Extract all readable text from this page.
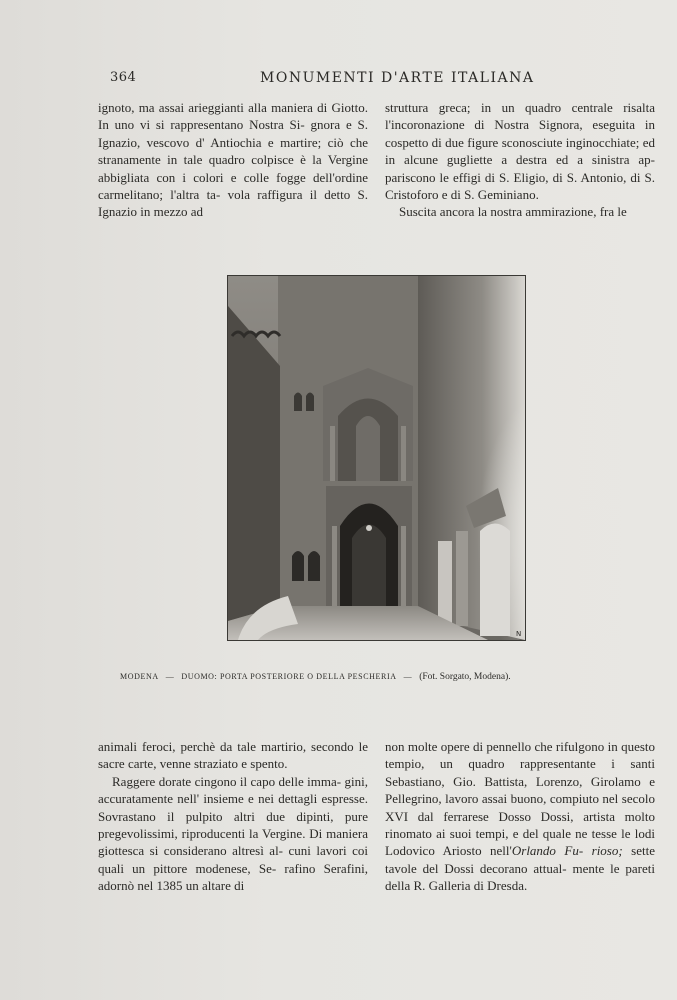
364	MONUMENTI D'ARTE ITALIANA

ignoto, ma assai arieggianti alla maniera di Giotto. In uno vi si rappresentano Nostra Si- gnora e S. Ignazio, vescovo d' Antiochia e martire; ciò che stranamente in tale quadro colpisce è la Vergine abbigliata con i colori e colle fogge dell'ordine carmelitano; l'altra ta- vola raffigura il detto S. Ignazio in mezzo ad

struttura greca; in un quadro centrale risalta l'incoronazione di Nostra Signora, eseguita in cospetto di due figure sconosciute inginocchiate; ed in alcune gugliette a destra ed a sinistra ap- pariscono le effigi di S. Eligio, di S. Antonio, di S. Cristoforo e di S. Geminiano.

Suscita ancora la nostra ammirazione, fra le

N
MODENA — DUOMO: PORTA POSTERIORE O DELLA PESCHERIA — (Fot. Sorgato, Modena).

animali feroci, perchè da tale martirio, secondo le sacre carte, venne straziato e spento.

Raggere dorate cingono il capo delle imma- gini, accuratamente nell' insieme e nei dettagli espresse. Sovrastano il pulpito altri due dipinti, pure pregevolissimi, riproducenti la Vergine. Di maniera giottesca si considerano altresì al- cuni lavori coi quali un pittore modenese, Se- rafino Serafini, adornò nel 1385 un altare di

non molte opere di pennello che rifulgono in questo tempio, un quadro rappresentante i santi Sebastiano, Gio. Battista, Lorenzo, Girolamo e Pellegrino, lavoro assai buono, compiuto nel secolo XVI dal ferrarese Dosso Dossi, artista molto rinomato ai suoi tempi, e del quale ne tesse le lodi Lodovico Ariosto nell'Orlando Fu- rioso; sette tavole del Dossi decorano attual- mente le pareti della R. Galleria di Dresda.
